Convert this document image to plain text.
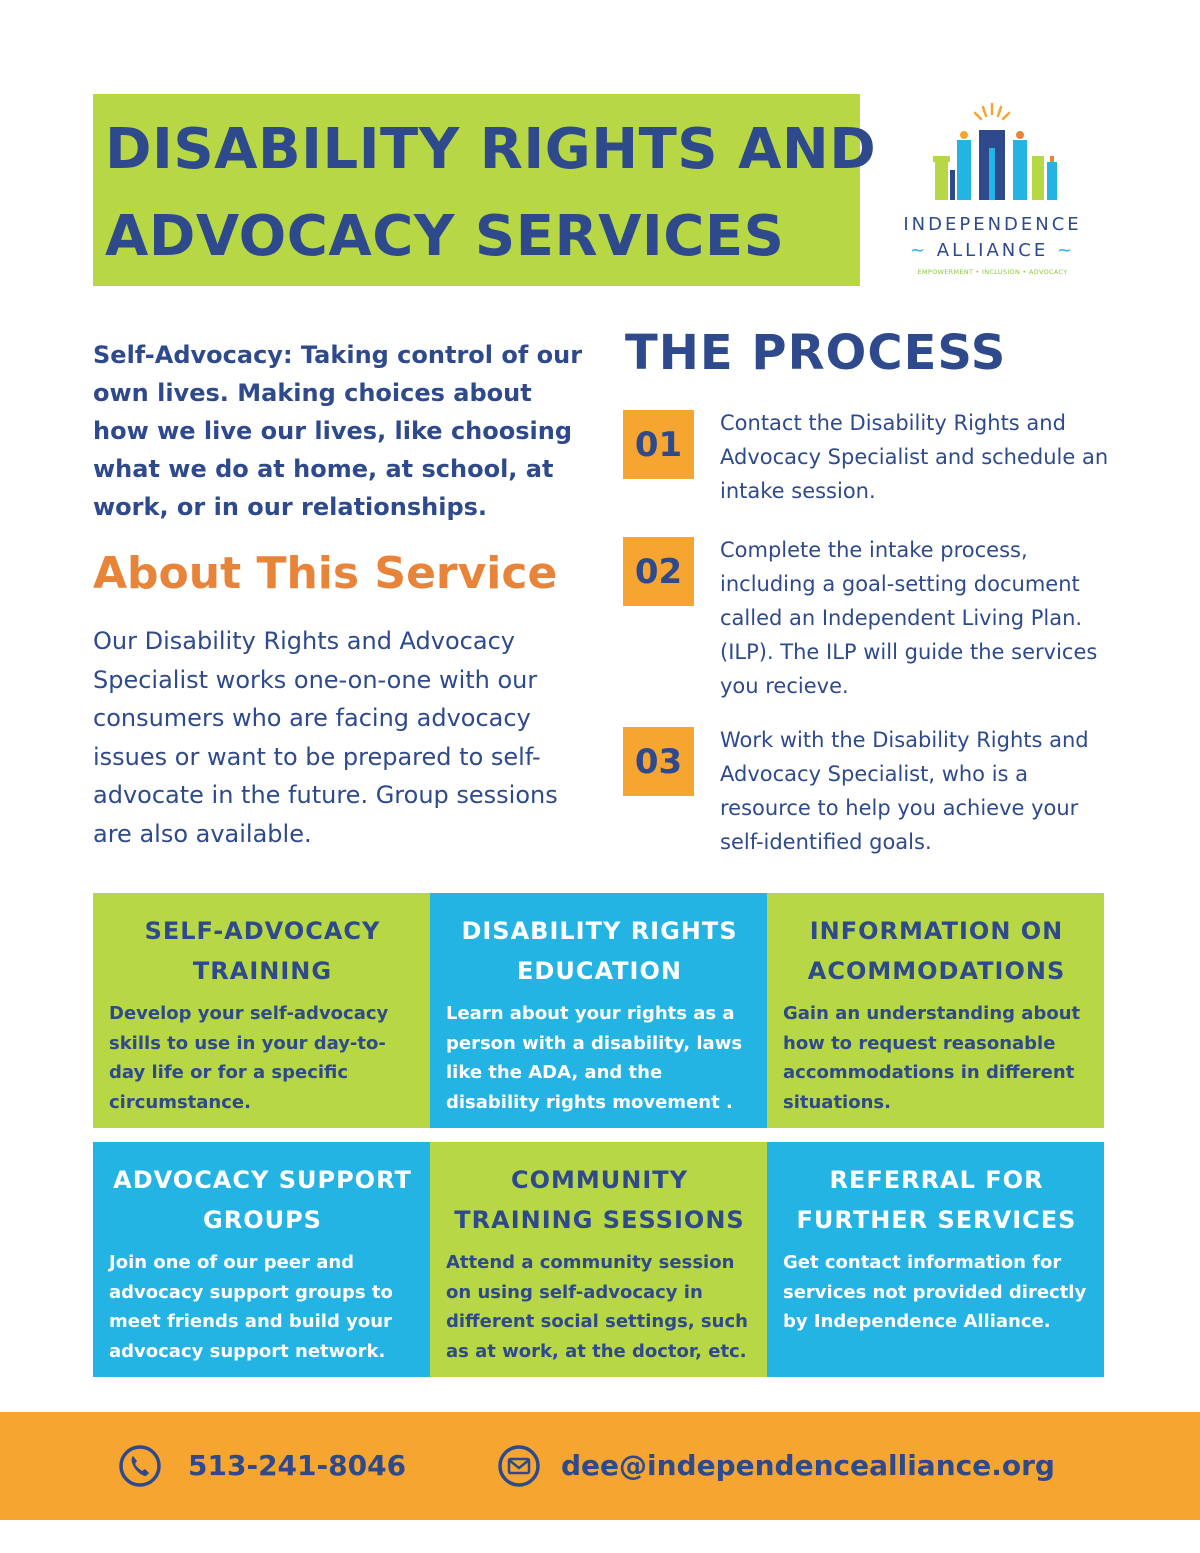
DISABILITY RIGHTS AND
ADVOCACY SERVICES	INDEPENDENCE
~ ALLIANCE ~
EMPOWERMENT • INCLUSION • ADVOCACY
Self-Advocacy: Taking control of our own lives. Making choices about how we live our lives, like choosing what we do at home, at school, at work, or in our relationships.
About This Service
Our Disability Rights and Advocacy Specialist works one-on-one with our consumers who are facing advocacy issues or want to be prepared to self-advocate in the future. Group sessions are also available.
THE PROCESS
01
Contact the Disability Rights and Advocacy Specialist and schedule an intake session.
02
Complete the intake process, including a goal-setting document called an Independent Living Plan. (ILP). The ILP will guide the services you recieve.
03
Work with the Disability Rights and Advocacy Specialist, who is a resource to help you achieve your self-identified goals.
SELF-ADVOCACY TRAINING
Develop your self-advocacy skills to use in your day-to-day life or for a specific circumstance.
DISABILITY RIGHTS EDUCATION
Learn about your rights as a person with a disability, laws like the ADA, and the disability rights movement .
INFORMATION ON ACOMMODATIONS
Gain an understanding about how to request reasonable accommodations in different situations.
ADVOCACY SUPPORT GROUPS
Join one of our peer and advocacy support groups to meet friends and build your advocacy support network.
COMMUNITY TRAINING SESSIONS
Attend a community session on using self-advocacy in different social settings, such as at work, at the doctor, etc.
REFERRAL FOR FURTHER SERVICES
Get contact information for services not provided directly by Independence Alliance.
513-241-8046	dee@independencealliance.org
